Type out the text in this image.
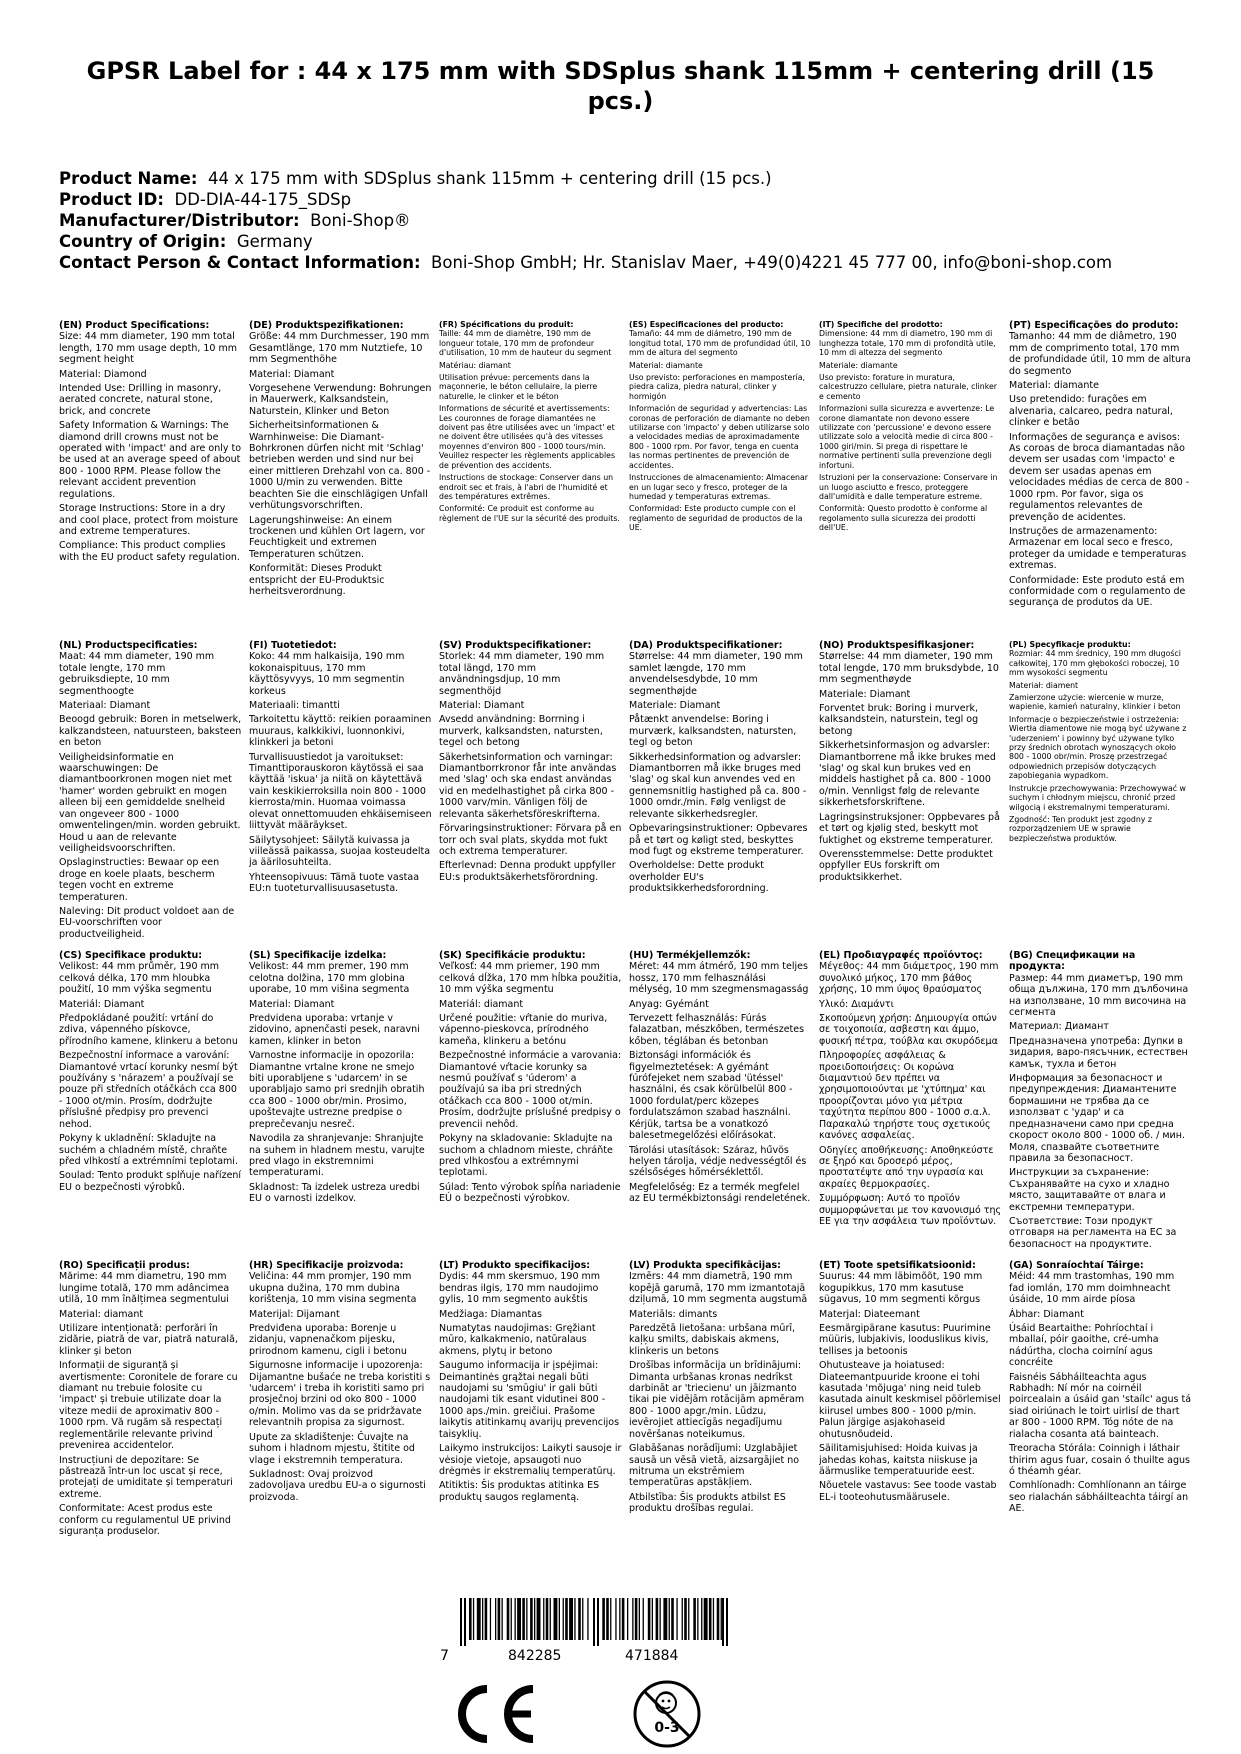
GPSR Label for : 44 x 175 mm with SDSplus shank 115mm + centering drill (15 pcs.)
Product Name: 44 x 175 mm with SDSplus shank 115mm + centering drill (15 pcs.)
Product ID: DD-DIA-44-175_SDSp
Manufacturer/Distributor: Boni-Shop®
Country of Origin: Germany
Contact Person & Contact Information: Boni-Shop GmbH; Hr. Stanislav Maer, +49(0)4221 45 777 00, info@boni-shop.com
(EN) Product Specifications:
Size: 44 mm diameter, 190 mm total length, 170 mm usage depth, 10 mm segment height
Material: Diamond
Intended Use: Drilling in masonry, aerated concrete, natural stone, brick, and concrete
Safety Information & Warnings: The diamond drill crowns must not be operated with 'impact' and are only to be used at an average speed of about 800 - 1000 RPM. Please follow the relevant accident prevention regulations.
Storage Instructions: Store in a dry and cool place, protect from moisture and extreme temperatures.
Compliance: This product complies with the EU product safety regulation.
(DE) Produktspezifikationen:
Größe: 44 mm Durchmesser, 190 mm Gesamtlänge, 170 mm Nutztiefe, 10 mm Segmenthöhe
Material: Diamant
Vorgesehene Verwendung: Bohrungen in Mauerwerk, Kalksandstein, Naturstein, Klinker und Beton
Sicherheitsinformationen & Warnhinweise: Die Diamant-Bohrkronen dürfen nicht mit 'Schlag' betrieben werden und sind nur bei einer mittleren Drehzahl von ca. 800 - 1000 U/min zu verwenden. Bitte beachten Sie die einschlägigen Unfall verhütungsvorschriften.
Lagerungshinweise: An einem trockenen und kühlen Ort lagern, vor Feuchtigkeit und extremen Temperaturen schützen.
Konformität: Dieses Produkt entspricht der EU-Produktsic herheitsverordnung.
(FR) Spécifications du produit:
Taille: 44 mm de diamètre, 190 mm de longueur totale, 170 mm de profondeur d'utilisation, 10 mm de hauteur du segment
Matériau: diamant
Utilisation prévue: percements dans la maçonnerie, le béton cellulaire, la pierre naturelle, le clinker et le béton
Informations de sécurité et avertissements: Les couronnes de forage diamantées ne doivent pas être utilisées avec un 'impact' et ne doivent être utilisées qu'à des vitesses moyennes d'environ 800 - 1000 tours/min. Veuillez respecter les règlements applicables de prévention des accidents.
Instructions de stockage: Conserver dans un endroit sec et frais, à l'abri de l'humidité et des températures extrêmes.
Conformité: Ce produit est conforme au règlement de l'UE sur la sécurité des produits.
(ES) Especificaciones del producto:
Tamaño: 44 mm de diámetro, 190 mm de longitud total, 170 mm de profundidad útil, 10 mm de altura del segmento
Material: diamante
Uso previsto: perforaciones en mampostería, piedra caliza, piedra natural, clinker y hormigón
Información de seguridad y advertencias: Las coronas de perforación de diamante no deben utilizarse con 'impacto' y deben utilizarse solo a velocidades medias de aproximadamente 800 - 1000 rpm. Por favor, tenga en cuenta las normas pertinentes de prevención de accidentes.
Instrucciones de almacenamiento: Almacenar en un lugar seco y fresco, proteger de la humedad y temperaturas extremas.
Conformidad: Este producto cumple con el reglamento de seguridad de productos de la UE.
(IT) Specifiche del prodotto:
Dimensione: 44 mm di diametro, 190 mm di lunghezza totale, 170 mm di profondità utile, 10 mm di altezza del segmento
Materiale: diamante
Uso previsto: forature in muratura, calcestruzzo cellulare, pietra naturale, clinker e cemento
Informazioni sulla sicurezza e avvertenze: Le corone diamantate non devono essere utilizzate con 'percussione' e devono essere utilizzate solo a velocità medie di circa 800 - 1000 giri/min. Si prega di rispettare le normative pertinenti sulla prevenzione degli infortuni.
Istruzioni per la conservazione: Conservare in un luogo asciutto e fresco, proteggere dall'umidità e dalle temperature estreme.
Conformità: Questo prodotto è conforme al regolamento sulla sicurezza dei prodotti dell'UE.
(PT) Especificações do produto:
Tamanho: 44 mm de diâmetro, 190 mm de comprimento total, 170 mm de profundidade útil, 10 mm de altura do segmento
Material: diamante
Uso pretendido: furações em alvenaria, calcareo, pedra natural, clinker e betão
Informações de segurança e avisos: As coroas de broca diamantadas não devem ser usadas com 'impacto' e devem ser usadas apenas em velocidades médias de cerca de 800 - 1000 rpm. Por favor, siga os regulamentos relevantes de prevenção de acidentes.
Instruções de armazenamento: Armazenar em local seco e fresco, proteger da umidade e temperaturas extremas.
Conformidade: Este produto está em conformidade com o regulamento de segurança de produtos da UE.
(NL) Productspecificaties:
Maat: 44 mm diameter, 190 mm totale lengte, 170 mm gebruiksdiepte, 10 mm segmenthoogte
Materiaal: Diamant
Beoogd gebruik: Boren in metselwerk, kalkzandsteen, natuursteen, baksteen en beton
Veiligheidsinformatie en waarschuwingen: De diamantboorkronen mogen niet met 'hamer' worden gebruikt en mogen alleen bij een gemiddelde snelheid van ongeveer 800 - 1000 omwentelingen/min. worden gebruikt. Houd u aan de relevante veiligheidsvoorschriften.
Opslaginstructies: Bewaar op een droge en koele plaats, bescherm tegen vocht en extreme temperaturen.
Naleving: Dit product voldoet aan de EU-voorschriften voor productveiligheid.
(FI) Tuotetiedot:
Koko: 44 mm halkaisija, 190 mm kokonaispituus, 170 mm käyttösyvyys, 10 mm segmentin korkeus
Materiaali: timantti
Tarkoitettu käyttö: reikien poraaminen muuraus, kalkkikivi, luonnonkivi, klinkkeri ja betoni
Turvallisuustiedot ja varoitukset: Timanttiporauskoron käytössä ei saa käyttää 'iskua' ja niitä on käytettävä vain keskikierroksilla noin 800 - 1000 kierrosta/min. Huomaa voimassa olevat onnettomuuden ehkäisemiseen liittyvät määräykset.
Säilytysohjeet: Säilytä kuivassa ja viileässä paikassa, suojaa kosteudelta ja äärilosuhteilta.
Yhteensopivuus: Tämä tuote vastaa EU:n tuoteturvallisuusasetusta.
(SV) Produktspecifikationer:
Storlek: 44 mm diameter, 190 mm total längd, 170 mm användningsdjup, 10 mm segmenthöjd
Material: Diamant
Avsedd användning: Borrning i murverk, kalksandsten, natursten, tegel och betong
Säkerhetsinformation och varningar: Diamantborrkronor får inte användas med 'slag' och ska endast användas vid en medelhastighet på cirka 800 - 1000 varv/min. Vänligen följ de relevanta säkerhetsföreskrifterna.
Förvaringsinstruktioner: Förvara på en torr och sval plats, skydda mot fukt och extrema temperaturer.
Efterlevnad: Denna produkt uppfyller EU:s produktsäkerhetsförordning.
(DA) Produktspecifikationer:
Størrelse: 44 mm diameter, 190 mm samlet længde, 170 mm anvendelsesdybde, 10 mm segmenthøjde
Materiale: Diamant
Påtænkt anvendelse: Boring i murværk, kalksandsten, natursten, tegl og beton
Sikkerhedsinformation og advarsler: Diamantborren må ikke bruges med 'slag' og skal kun anvendes ved en gennemsnitlig hastighed på ca. 800 - 1000 omdr./min. Følg venligst de relevante sikkerhedsregler.
Opbevaringsinstruktioner: Opbevares på et tørt og køligt sted, beskyttes mod fugt og ekstreme temperaturer.
Overholdelse: Dette produkt overholder EU's produktsikkerhedsforordning.
(NO) Produktspesifikasjoner:
Størrelse: 44 mm diameter, 190 mm total lengde, 170 mm bruksdybde, 10 mm segmenthøyde
Materiale: Diamant
Forventet bruk: Boring i murverk, kalksandstein, naturstein, tegl og betong
Sikkerhetsinformasjon og advarsler: Diamantborrene må ikke brukes med 'slag' og skal kun brukes ved en middels hastighet på ca. 800 - 1000 o/min. Vennligst følg de relevante sikkerhetsforskriftene.
Lagringsinstruksjoner: Oppbevares på et tørt og kjølig sted, beskytt mot fuktighet og ekstreme temperaturer.
Overensstemmelse: Dette produktet oppfyller EUs forskrift om produktsikkerhet.
(PL) Specyfikacje produktu:
Rozmiar: 44 mm średnicy, 190 mm długości całkowitej, 170 mm głębokości roboczej, 10 mm wysokości segmentu
Materiał: diament
Zamierzone użycie: wiercenie w murze, wapienie, kamień naturalny, klinkier i beton
Informacje o bezpieczeństwie i ostrzeżenia: Wiertła diamentowe nie mogą być używane z 'uderzeniem' i powinny być używane tylko przy średnich obrotach wynoszących około 800 - 1000 obr/min. Proszę przestrzegać odpowiednich przepisów dotyczących zapobiegania wypadkom.
Instrukcje przechowywania: Przechowywać w suchym i chłodnym miejscu, chronić przed wilgocią i ekstremalnymi temperaturami.
Zgodność: Ten produkt jest zgodny z rozporządzeniem UE w sprawie bezpieczeństwa produktów.
(CS) Specifikace produktu:
Velikost: 44 mm průměr, 190 mm celková délka, 170 mm hloubka použití, 10 mm výška segmentu
Materiál: Diamant
Předpokládané použití: vrtání do zdiva, vápenného pískovce, přírodního kamene, klinkeru a betonu
Bezpečnostní informace a varování: Diamantové vrtací korunky nesmí být používány s 'nárazem' a používají se pouze při středních otáčkách cca 800 - 1000 ot/min. Prosím, dodržujte příslušné předpisy pro prevenci nehod.
Pokyny k ukladnění: Skladujte na suchém a chladném místě, chraňte před vlhkostí a extrémními teplotami.
Soulad: Tento produkt splňuje nařízení EU o bezpečnosti výrobků.
(SL) Specifikacije izdelka:
Velikost: 44 mm premer, 190 mm celotna dolžina, 170 mm globina uporabe, 10 mm višina segmenta
Material: Diamant
Predvidena uporaba: vrtanje v zidovino, apnenčasti pesek, naravni kamen, klinker in beton
Varnostne informacije in opozorila: Diamantne vrtalne krone ne smejo biti uporabljene s 'udarcem' in se uporabljajo samo pri srednjih obratih cca 800 - 1000 obr/min. Prosimo, upoštevajte ustrezne predpise o preprečevanju nesreč.
Navodila za shranjevanje: Shranjujte na suhem in hladnem mestu, varujte pred vlago in ekstremnimi temperaturami.
Skladnost: Ta izdelek ustreza uredbi EU o varnosti izdelkov.
(SK) Špecifikácie produktu:
Veľkosť: 44 mm priemer, 190 mm celková dĺžka, 170 mm hĺbka použitia, 10 mm výška segmentu
Materiál: diamant
Určené použitie: vŕtanie do muriva, vápenno-pieskovca, prírodného kameňa, klinkeru a betónu
Bezpečnostné informácie a varovania: Diamantové vŕtacie korunky sa nesmú používať s 'úderom' a používajú sa iba pri stredných otáčkach cca 800 - 1000 ot/min. Prosím, dodržujte príslušné predpisy o prevencii nehôd.
Pokyny na skladovanie: Skladujte na suchom a chladnom mieste, chráňte pred vlhkosťou a extrémnymi teplotami.
Súlad: Tento výrobok spĺňa nariadenie EÚ o bezpečnosti výrobkov.
(HU) Termékjellemzők:
Méret: 44 mm átmérő, 190 mm teljes hossz, 170 mm felhasználási mélység, 10 mm szegmensmagasság
Anyag: Gyémánt
Tervezett felhasználás: Fúrás falazatban, mészkőben, természetes kőben, téglában és betonban
Biztonsági információk és figyelmeztetések: A gyémánt fúrófejeket nem szabad 'ütéssel' használni, és csak körülbelül 800 - 1000 fordulat/perc közepes fordulatszámon szabad használni. Kérjük, tartsa be a vonatkozó balesetmegelőzési előírásokat.
Tárolási utasítások: Száraz, hűvös helyen tárolja, védje nedvességtől és szélsőséges hőmérséklettől.
Megfelelőség: Ez a termék megfelel az EU termékbiztonsági rendeletének.
(EL) Προδιαγραφές προϊόντος:
Μέγεθος: 44 mm διάμετρος, 190 mm συνολικό μήκος, 170 mm βάθος χρήσης, 10 mm ύψος θραύσματος
Υλικό: Διαμάντι
Σκοπούμενη χρήση: Δημιουργία οπών σε τοιχοποιία, ασβεστη και άμμο, φυσική πέτρα, τούβλα και σκυρόδεμα
Πληροφορίες ασφάλειας & προειδοποιήσεις: Οι κορώνα διαμαντιού δεν πρέπει να χρησιμοποιούνται με 'χτύπημα' και προορίζονται μόνο για μέτρια ταχύτητα περίπου 800 - 1000 σ.α.λ. Παρακαλώ τηρήστε τους σχετικούς κανόνες ασφαλείας.
Οδηγίες αποθήκευσης: Αποθηκεύστε σε ξηρό και δροσερό μέρος, προστατέψτε από την υγρασία και ακραίες θερμοκρασίες.
Συμμόρφωση: Αυτό το προϊόν συμμορφώνεται με τον κανονισμό της ΕΕ για την ασφάλεια των προϊόντων.
(BG) Спецификации на продукта:
Размер: 44 mm диаметър, 190 mm обща дължина, 170 mm дълбочина на използване, 10 mm височина на сегмента
Материал: Диамант
Предназначена употреба: Дупки в зидария, варо-пясъчник, естествен камък, тухла и бетон
Информация за безопасност и предупреждения: Диамантените бормашини не трябва да се използват с 'удар' и са предназначени само при средна скорост около 800 - 1000 об. / мин. Моля, спазвайте съответните правила за безопасност.
Инструкции за съхранение: Съхранявайте на сухо и хладно място, защитавайте от влага и екстремни температури.
Съответствие: Този продукт отговаря на регламента на ЕС за безопасност на продуктите.
(RO) Specificații produs:
Mărime: 44 mm diametru, 190 mm lungime totală, 170 mm adâncimea utilă, 10 mm înălțimea segmentului
Material: diamant
Utilizare intenționată: perforări în zidărie, piatră de var, piatră naturală, klinker și beton
Informații de siguranță și avertismente: Coronitele de forare cu diamant nu trebuie folosite cu 'impact' și trebuie utilizate doar la viteze medii de aproximativ 800 - 1000 rpm. Vă rugăm să respectați reglementările relevante privind prevenirea accidentelor.
Instrucțiuni de depozitare: Se păstrează într-un loc uscat și rece, protejați de umiditate și temperaturi extreme.
Conformitate: Acest produs este conform cu regulamentul UE privind siguranța produselor.
(HR) Specifikacije proizvoda:
Veličina: 44 mm promjer, 190 mm ukupna dužina, 170 mm dubina korištenja, 10 mm visina segmenta
Materijal: Dijamant
Predviđena uporaba: Borenje u zidanju, vapnenačkom pijesku, prirodnom kamenu, cigli i betonu
Sigurnosne informacije i upozorenja: Dijamantne bušaće ne treba koristiti s 'udarcem' i treba ih koristiti samo pri prosječnoj brzini od oko 800 - 1000 o/min. Molimo vas da se pridržavate relevantnih propisa za sigurnost.
Upute za skladištenje: Čuvajte na suhom i hladnom mjestu, štitite od vlage i ekstremnih temperatura.
Sukladnost: Ovaj proizvod zadovoljava uredbu EU-a o sigurnosti proizvoda.
(LT) Produkto specifikacijos:
Dydis: 44 mm skersmuo, 190 mm bendras ilgis, 170 mm naudojimo gylis, 10 mm segmento aukštis
Medžiaga: Diamantas
Numatytas naudojimas: Gręžiant mūro, kalkakmenio, natūralaus akmens, plytų ir betono
Saugumo informacija ir įspėjimai: Deimantinės grąžtai negali būti naudojami su 'smūgiu' ir gali būti naudojami tik esant vidutinei 800 - 1000 aps./min. greičiui. Prašome laikytis atitinkamų avarijų prevencijos taisyklių.
Laikymo instrukcijos: Laikyti sausoje ir vėsioje vietoje, apsaugoti nuo drėgmės ir ekstremalių temperatūrų.
Atitiktis: Šis produktas atitinka ES produktų saugos reglamentą.
(LV) Produkta specifikācijas:
Izmērs: 44 mm diametrā, 190 mm kopējā garumā, 170 mm izmantotajā dziļumā, 10 mm segmenta augstumā
Materiāls: dimants
Paredzētā lietošana: urbšana mūrī, kaļķu smilts, dabiskais akmens, klinkeris un betons
Drošības informācija un brīdinājumi: Dimanta urbšanas kronas nedrīkst darbināt ar 'triecienu' un jāizmanto tikai pie vidējām rotācijām apmēram 800 - 1000 apgr./min. Lūdzu, ievērojiet attiecīgās negadījumu novēršanas noteikumus.
Glabāšanas norādījumi: Uzglabājiet sausā un vēsā vietā, aizsargājiet no mitruma un ekstrēmiem temperatūras apstākļiem.
Atbilstība: Šis produkts atbilst ES produktu drošības regulai.
(ET) Toote spetsifikatsioonid:
Suurus: 44 mm läbimõõt, 190 mm kogupikkus, 170 mm kasutuse sügavus, 10 mm segmenti kõrgus
Materjal: Diateemant
Eesmärgipärane kasutus: Puurimine müüris, lubjakivis, looduslikus kivis, tellises ja betoonis
Ohutusteave ja hoiatused: Diateemantpuuride kroone ei tohi kasutada 'mõjuga' ning neid tuleb kasutada ainult keskmisel pöörlemisel kiirusel umbes 800 - 1000 p/min. Palun järgige asjakohaseid ohutusnõudeid.
Säilitamisjuhised: Hoida kuivas ja jahedas kohas, kaitsta niiskuse ja äärmuslike temperatuuride eest.
Nõuetele vastavus: See toode vastab EL-i tooteohutusmäärusele.
(GA) Sonraíochtaí Táirge:
Méid: 44 mm trastomhas, 190 mm fad iomlán, 170 mm doimhneacht úsáide, 10 mm airde píosa
Ábhar: Diamant
Úsáid Beartaithe: Pohríochtaí i mballaí, póir gaoithe, cré-umha nádúrtha, clocha coirníní agus concréite
Faisnéis Sábháilteachta agus Rabhadh: Ní mór na coirnéil poircealain a úsáid gan 'staílc' agus tá siad oiriúnach le toirt uirlisí de thart ar 800 - 1000 RPM. Tóg nóte de na rialacha cosanta atá bainteach.
Treoracha Stórála: Coinnigh i láthair thirim agus fuar, cosain ó thuilte agus ó théamh géar.
Comhlíonadh: Comhlíonann an táirge seo rialachán sábháilteachta táirgí an AE.
7	842285	471884
0-3
